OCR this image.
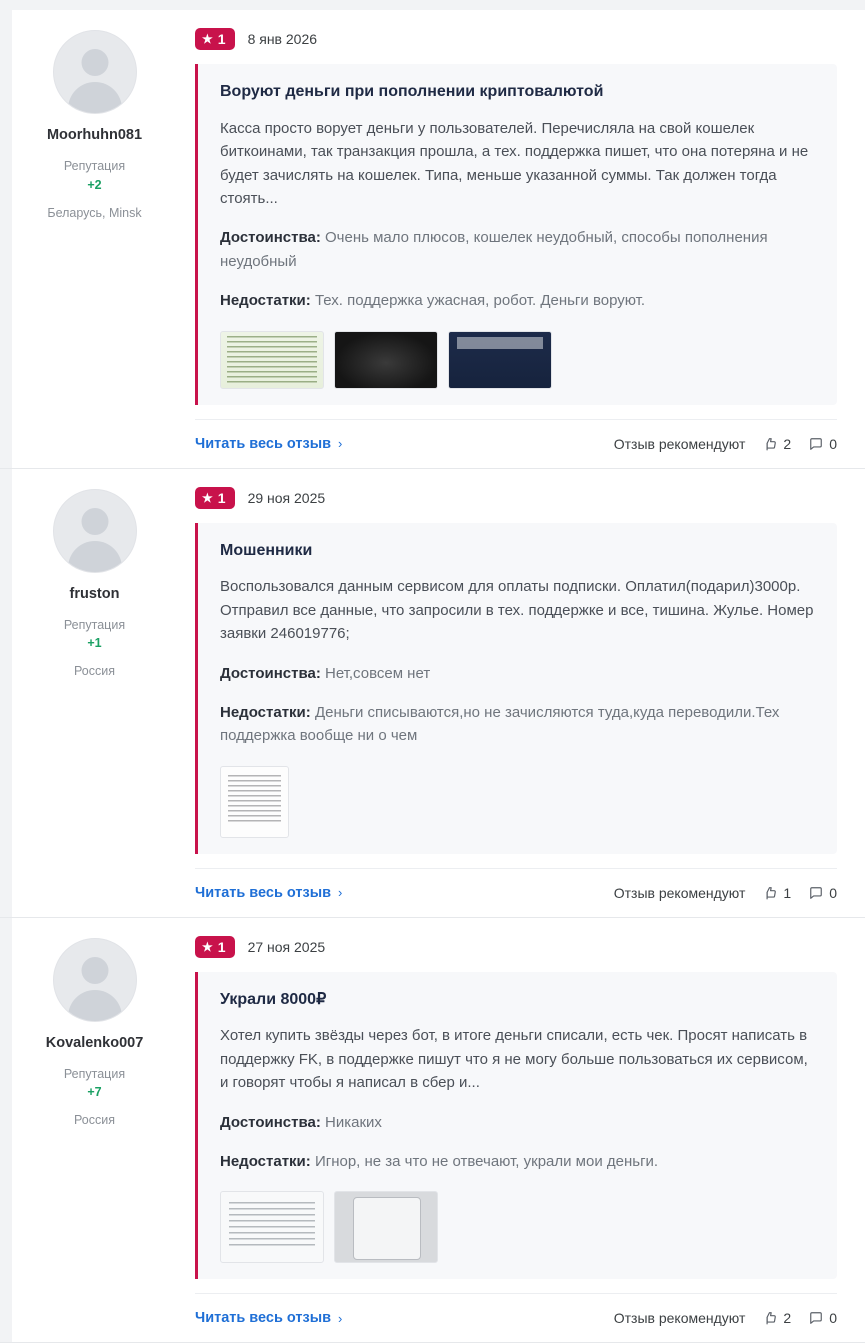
Moorhuhn081
Репутация
+2
Беларусь, Minsk
★ 1 8 янв 2026
Воруют деньги при пополнении криптовалютой

Касса просто ворует деньги у пользователей. Перечисляла на свой кошелек биткоинами, так транзакция прошла, а тех. поддержка пишет, что она потеряна и не будет зачислять на кошелек. Типа, меньше указанной суммы. Так должен тогда стоять...

Достоинства: Очень мало плюсов, кошелек неудобный, способы пополнения неудобный
Недостатки: Тех. поддержка ужасная, робот. Деньги воруют.
Читать весь отзыв ›	Отзыв рекомендуют	2	0
fruston
Репутация
+1
Россия
★ 1 29 ноя 2025
Мошенники

Воспользовался данным сервисом для оплаты подписки. Оплатил(подарил)3000р. Отправил все данные, что запросили в тех. поддержке и все, тишина. Жулье. Номер заявки 246019776;

Достоинства: Нет,совсем нет
Недостатки: Деньги списываются,но не зачисляются туда,куда переводили.Тех поддержка вообще ни о чем
Читать весь отзыв ›	Отзыв рекомендуют	1	0
Kovalenko007
Репутация
+7
Россия
★ 1 27 ноя 2025
Украли 8000₽

Хотел купить звёзды через бот, в итоге деньги списали, есть чек. Просят написать в поддержку FK, в поддержке пишут что я не могу больше пользоваться их сервисом, и говорят чтобы я написал в сбер и...

Достоинства: Никаких
Недостатки: Игнор, не за что не отвечают, украли мои деньги.
Читать весь отзыв ›	Отзыв рекомендуют	2	0
